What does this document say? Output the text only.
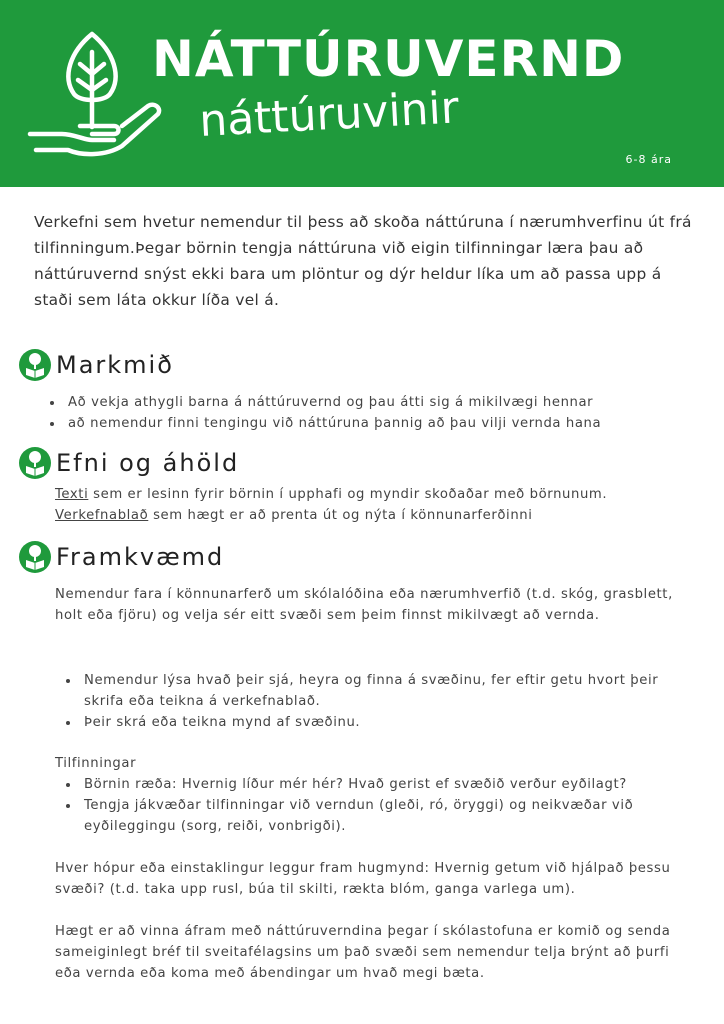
NÁTTÚRUVERND
náttúruvinir
6-8 ára
Verkefni sem hvetur nemendur til þess að skoða náttúruna í nærumhverfinu út frá tilfinningum.Þegar börnin tengja náttúruna við eigin tilfinningar læra þau að náttúruvernd snýst ekki bara um plöntur og dýr heldur líka um að passa upp á staði sem láta okkur líða vel á.
Markmið
• Að vekja athygli barna á náttúruvernd og þau átti sig á mikilvægi hennar
• að nemendur finni tengingu við náttúruna þannig að þau vilji vernda hana
Efni og áhöld
Texti sem er lesinn fyrir börnin í upphafi og myndir skoðaðar með börnunum.
Verkefnablað sem hægt er að prenta út og nýta í könnunarferðinni
Framkvæmd
Nemendur fara í könnunarferð um skólalóðina eða nærumhverfið (t.d. skóg, grasblett, holt eða fjöru) og velja sér eitt svæði sem þeim finnst mikilvægt að vernda.
• Nemendur lýsa hvað þeir sjá, heyra og finna á svæðinu, fer eftir getu hvort þeir skrifa eða teikna á verkefnablað.
• Þeir skrá eða teikna mynd af svæðinu.
Tilfinningar
• Börnin ræða: Hvernig líður mér hér? Hvað gerist ef svæðið verður eyðilagt?
• Tengja jákvæðar tilfinningar við verndun (gleði, ró, öryggi) og neikvæðar við eyðileggingu (sorg, reiði, vonbrigði).
Hver hópur eða einstaklingur leggur fram hugmynd: Hvernig getum við hjálpað þessu svæði? (t.d. taka upp rusl, búa til skilti, rækta blóm, ganga varlega um).
Hægt er að vinna áfram með náttúruverndina þegar í skólastofuna er komið og senda sameiginlegt bréf til sveitafélagsins um það svæði sem nemendur telja brýnt að þurfi eða vernda eða koma með ábendingar um hvað megi bæta.
